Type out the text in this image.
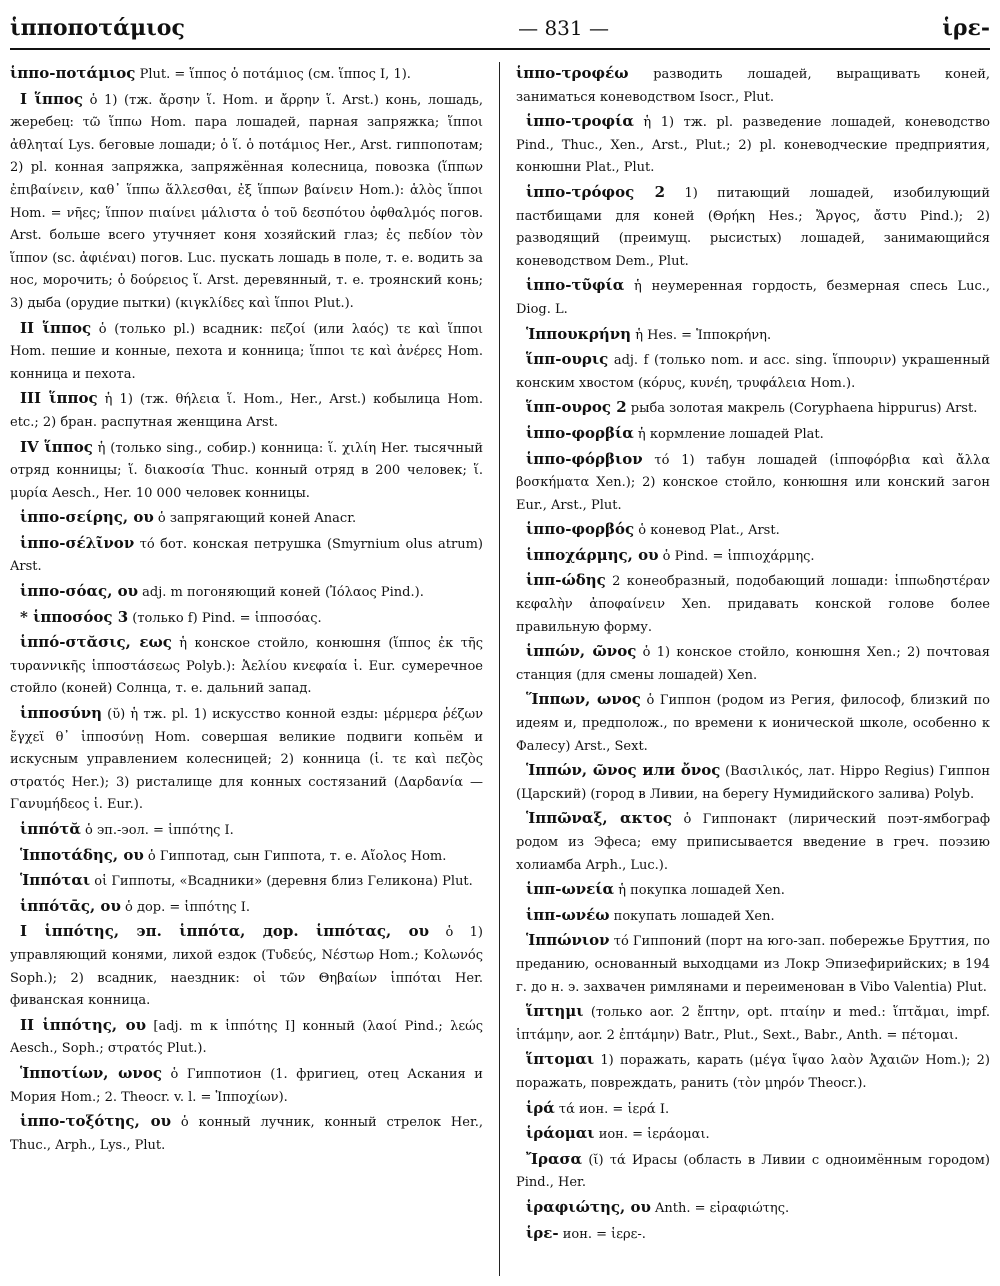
ἱπποποτάμιος	— 831 —	ἱρε-

ἱππο-ποτάμιος Plut. = ἵππος ὁ ποτάμιος (см. ἵππος I, 1).

I ἵππος ὁ 1) (тж. ἄρσην ἵ. Hom. и ἄρρην ἵ. Arst.) конь, лошадь, жеребец: τῶ ἵππω Hom. пара лошадей, парная запряжка; ἵπποι ἀθληταί Lys. беговые лошади; ὁ ἵ. ὁ ποτάμιος Her., Arst. гиппопотам; 2) pl. конная запряжка, запряжённая колесница, повозка (ἵππων ἐπιβαίνειν, καθ᾽ ἵππω ἅλλεσθαι, ἐξ ἵππων βαίνειν Hom.): ἁλὸς ἵπποι Hom. = νῆες; ἵππον πιαίνει μάλιστα ὁ τοῦ δεσπότου ὀφθαλμός погов. Arst. больше всего утучняет коня хозяйский глаз; ἐς πεδίον τὸν ἵππον (sc. ἀφιέναι) погов. Luc. пускать лошадь в поле, т. е. водить за нос, морочить; ὁ δούρειος ἵ. Arst. деревянный, т. е. троянский конь; 3) дыба (орудие пытки) (κιγκλίδες καὶ ἵπποι Plut.).

II ἵππος ὁ (только pl.) всадник: πεζοί (или λαός) τε καὶ ἵπποι Hom. пешие и конные, пехота и конница; ἵπποι τε καὶ ἀνέρες Hom. конница и пехота.

III ἵππος ἡ 1) (тж. θήλεια ἵ. Hom., Her., Arst.) кобылица Hom. etc.; 2) бран. распутная женщина Arst.

IV ἵππος ἡ (только sing., собир.) конница: ἵ. χιλίη Her. тысячный отряд конницы; ἵ. διακοσία Thuc. конный отряд в 200 человек; ἵ. μυρία Aesch., Her. 10 000 человек конницы.

ἱππο-σείρης, ου ὁ запрягающий коней Anacr.

ἱππο-σέλῖνον τό бот. конская петрушка (Smyrnium olus atrum) Arst.

ἱππο-σόας, ου adj. m погоняющий коней (Ἰόλαος Pind.).

* ἱπποσόος 3 (только f) Pind. = ἱπποσόας.

ἱππό-στᾰσις, εως ἡ конское стойло, конюшня (ἵππος ἐκ τῆς τυραννικῆς ἱπποστάσεως Polyb.): Ἀελίου κνεφαία ἱ. Eur. сумеречное стойло (коней) Солнца, т. е. дальний запад.

ἱπποσύνη (ῠ) ἡ тж. pl. 1) искусство конной езды: μέρμερα ῥέζων ἔγχεϊ θ᾽ ἱπποσύνῃ Hom. совершая великие подвиги копьём и искусным управлением колесницей; 2) конница (ἱ. τε καὶ πεζὸς στρατός Her.); 3) ристалище для конных состязаний (Δαρδανία — Γανυμήδεος ἱ. Eur.).

ἱππότᾰ ὁ эп.-эол. = ἱππότης I.

Ἱπποτάδης, ου ὁ Гиппотад, сын Гиппота, т. е. Αἴολος Hom.

Ἱππόται οἱ Гиппоты, «Всадники» (деревня близ Геликона) Plut.

ἱππότᾱς, ου ὁ дор. = ἱππότης I.

I ἱππότης, эп. ἱππότα, дор. ἱππότας, ου ὁ 1) управляющий конями, лихой ездок (Τυδεύς, Νέστωρ Hom.; Κολωνός Soph.); 2) всадник, наездник: οἱ τῶν Θηβαίων ἱππόται Her. фиванская конница.

II ἱππότης, ου [adj. m к ἱππότης I] конный (λαοί Pind.; λεώς Aesch., Soph.; στρατός Plut.).

Ἱπποτίων, ωνος ὁ Гиппотион (1. фригиец, отец Аскания и Мория Hom.; 2. Theocr. v. l. = Ἱπποχίων).

ἱππο-τοξότης, ου ὁ конный лучник, конный стрелок Her., Thuc., Arph., Lys., Plut.

ἱππο-τροφέω разводить лошадей, выращивать коней, заниматься коневодством Isocr., Plut.

ἱππο-τροφία ἡ 1) тж. pl. разведение лошадей, коневодство Pind., Thuc., Xen., Arst., Plut.; 2) pl. коневодческие предприятия, конюшни Plat., Plut.

ἱππο-τρόφος 2 1) питающий лошадей, изобилующий пастбищами для коней (Θρήκη Hes.; Ἄργος, ἄστυ Pind.); 2) разводящий (преимущ. рысистых) лошадей, занимающийся коневодством Dem., Plut.

ἱππο-τῦφία ἡ неумеренная гордость, безмерная спесь Luc., Diog. L.

Ἱππουκρήνη ἡ Hes. = Ἱπποκρήνη.

ἵππ-ουρις adj. f (только nom. и acc. sing. ἵππουριν) украшенный конским хвостом (κόρυς, κυνέη, τρυφάλεια Hom.).

ἵππ-ουρος 2 рыба золотая макрель (Coryphaena hippurus) Arst.

ἱππο-φορβία ἡ кормление лошадей Plat.

ἱππο-φόρβιον τό 1) табун лошадей (ἱπποφόρβια καὶ ἄλλα βοσκήματα Xen.); 2) конское стойло, конюшня или конский загон Eur., Arst., Plut.

ἱππο-φορβός ὁ коневод Plat., Arst.

ἱπποχάρμης, ου ὁ Pind. = ἱππιοχάρμης.

ἱππ-ώδης 2 конеобразный, подобающий лошади: ἱππωδηστέραν κεφαλὴν ἀποφαίνειν Xen. придавать конской голове более правильную форму.

ἱππών, ῶνος ὁ 1) конское стойло, конюшня Xen.; 2) почтовая станция (для смены лошадей) Xen.

Ἵππων, ωνος ὁ Гиппон (родом из Регия, философ, близкий по идеям и, предполож., по времени к ионической школе, особенно к Фалесу) Arst., Sext.

Ἱππών, ῶνος или ὄνος (Βασιλικός, лат. Hippo Regius) Гиппон (Царский) (город в Ливии, на берегу Нумидийского залива) Polyb.

Ἱππῶναξ, ακτος ὁ Гиппонакт (лирический поэт-ямбограф родом из Эфеса; ему приписывается введение в греч. поэзию холиамба Arph., Luc.).

ἱππ-ωνεία ἡ покупка лошадей Xen.

ἱππ-ωνέω покупать лошадей Xen.

Ἱππώνιον τό Гиппоний (порт на юго-зап. побережье Бруттия, по преданию, основанный выходцами из Локр Эпизефирийских; в 194 г. до н. э. захвачен римлянами и переименован в Vibo Valentia) Plut.

ἵπτημι (только aor. 2 ἔπτην, opt. πταίην и med.: ἵπτᾰμαι, impf. ἱπτάμην, aor. 2 ἐπτάμην) Batr., Plut., Sext., Babr., Anth. = πέτομαι.

ἵπτομαι 1) поражать, карать (μέγα ἴψαο λαὸν Ἀχαιῶν Hom.); 2) поражать, повреждать, ранить (τὸν μηρόν Theocr.).

ἱρά τά ион. = ἱερά I.

ἱράομαι ион. = ἱεράομαι.

Ἴρασα (ῐ) τά Ирасы (область в Ливии с одноимённым городом) Pind., Her.

ἱραφιώτης, ου Anth. = εἰραφιώτης.

ἱρε- ион. = ἱερε-.
